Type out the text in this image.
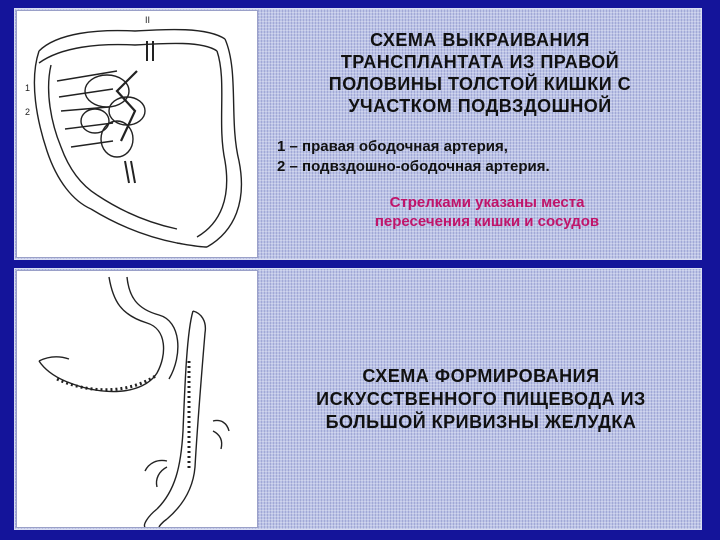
II
1
2
СХЕМА ВЫКРАИВАНИЯ
ТРАНСПЛАНТАТА ИЗ ПРАВОЙ
ПОЛОВИНЫ ТОЛСТОЙ КИШКИ С
УЧАСТКОМ ПОДВЗДОШНОЙ
1 – правая ободочная артерия,
2 – подвздошно-ободочная артерия.
Стрелками указаны места
пересечения кишки и сосудов
СХЕМА ФОРМИРОВАНИЯ
ИСКУССТВЕННОГО ПИЩЕВОДА ИЗ
БОЛЬШОЙ КРИВИЗНЫ ЖЕЛУДКА
